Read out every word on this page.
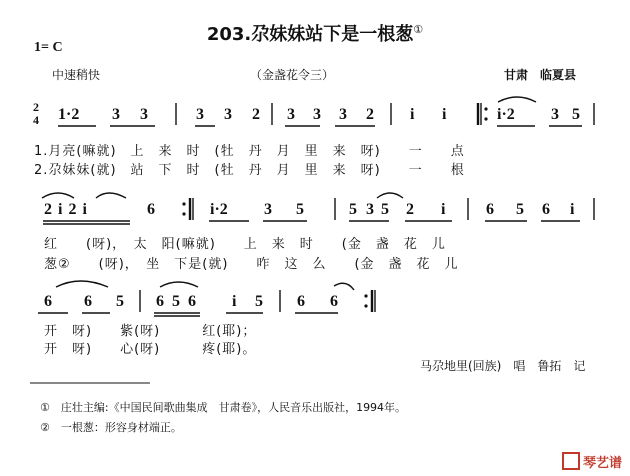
203.尕妹妹站下是一根葱①
1= C
中速稍快	（金盏花令三）	甘肃　临夏县
2
4 1·2 3 3	3 3 2 3 3 3 2 i i	i·2 3 5
1.月亮(嘛就)　上　来　时　(牡　丹　月　里　来　呀)　　一　　点
2.尕妹妹(就)　站　下　时　(牡　丹　月　里　来　呀)　　一　　根
2i2i	6	i·2 3 5	5 3 5 2 i	6 5 6 i
红　　(呀)，　太　阳(嘛就)　　上　来　时　　(金　盏　花　儿
葱②　　(呀)，　坐　下是(就)　　咋　这　么　　(金　盏　花　儿
6 6 5 6 5 6 i 5 6 6
开　呀)　　紫(呀)　　　红(耶)；
开　呀)　　心(呀)　　　疼(耶)。
马尕地里(回族)　唱　鲁拓　记
①　庄壮主编:《中国民间歌曲集成　甘肃卷》，人民音乐出版社，1994年。
②　一根葱：形容身材端正。
琴艺谱
